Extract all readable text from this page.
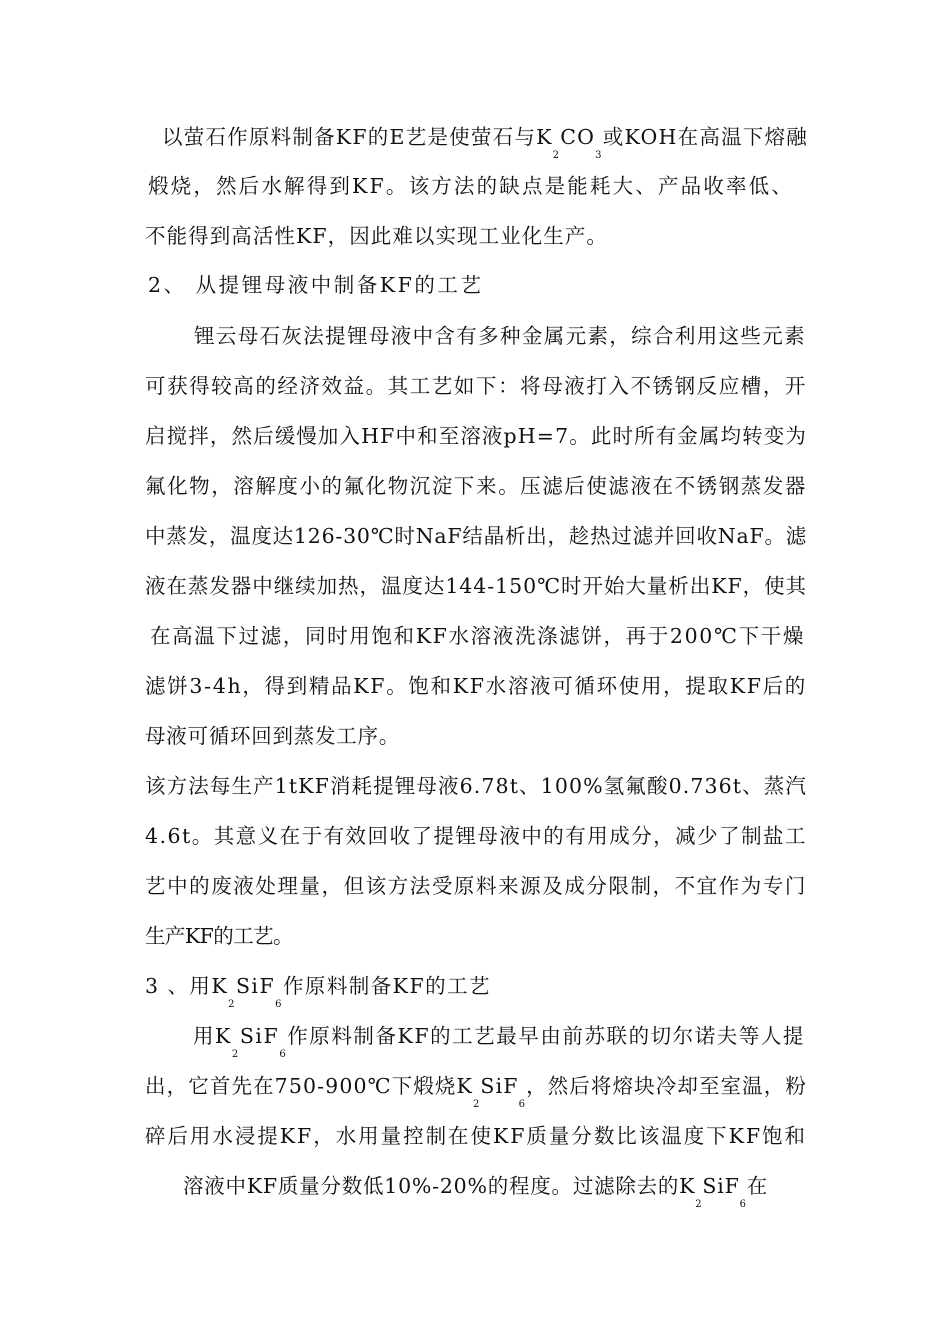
以萤石作原料制备KF的E艺是使萤石与$K_2CO_3$或KOH在高温下熔融
煅烧，然后水解得到KF。该方法的缺点是能耗大、产品收率低、
不能得到高活性KF，因此难以实现工业化生产。
2、 从提锂母液中制备KF的工艺
锂云母石灰法提锂母液中含有多种金属元素，综合利用这些元素
可获得较高的经济效益。其工艺如下：将母液打入不锈钢反应槽，开
启搅拌，然后缓慢加入HF中和至溶液pH=7。此时所有金属均转变为
氟化物，溶解度小的氟化物沉淀下来。压滤后使滤液在不锈钢蒸发器
中蒸发，温度达126-30℃时NaF结晶析出，趁热过滤并回收NaF。滤
液在蒸发器中继续加热，温度达144-150℃时开始大量析出KF，使其
在高温下过滤，同时用饱和KF水溶液洗涤滤饼，再于200℃下干燥
滤饼3-4h，得到精品KF。饱和KF水溶液可循环使用，提取KF后的
母液可循环回到蒸发工序。
该方法每生产1tKF消耗提锂母液6.78t、100%氢氟酸0.736t、蒸汽
4.6t。其意义在于有效回收了提锂母液中的有用成分，减少了制盐工
艺中的废液处理量，但该方法受原料来源及成分限制，不宜作为专门
生产KF的工艺。
3 、用$K_2SiF_6$作原料制备KF的工艺
用$K_2SiF_6$作原料制备KF的工艺最早由前苏联的切尔诺夫等人提
出，它首先在750-900℃下煅烧$K_2SiF_6$，然后将熔块冷却至室温，粉
碎后用水浸提KF，水用量控制在使KF质量分数比该温度下KF饱和
溶液中KF质量分数低10%-20%的程度。过滤除去的$K_2SiF_6$在
